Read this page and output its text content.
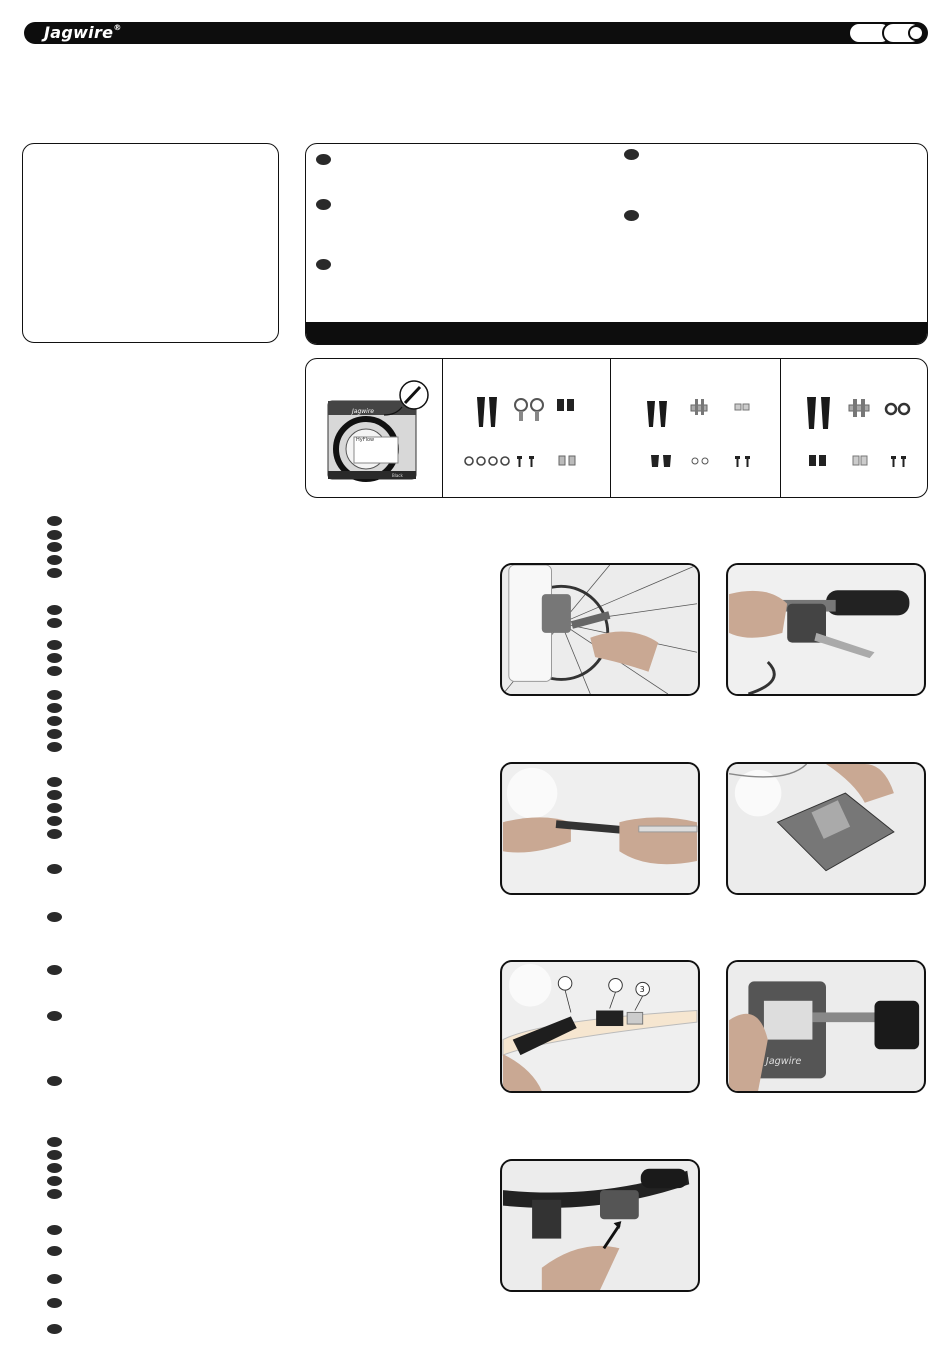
Jagwire®
Jagwire
HyFlow
Black
3
Jagwire
